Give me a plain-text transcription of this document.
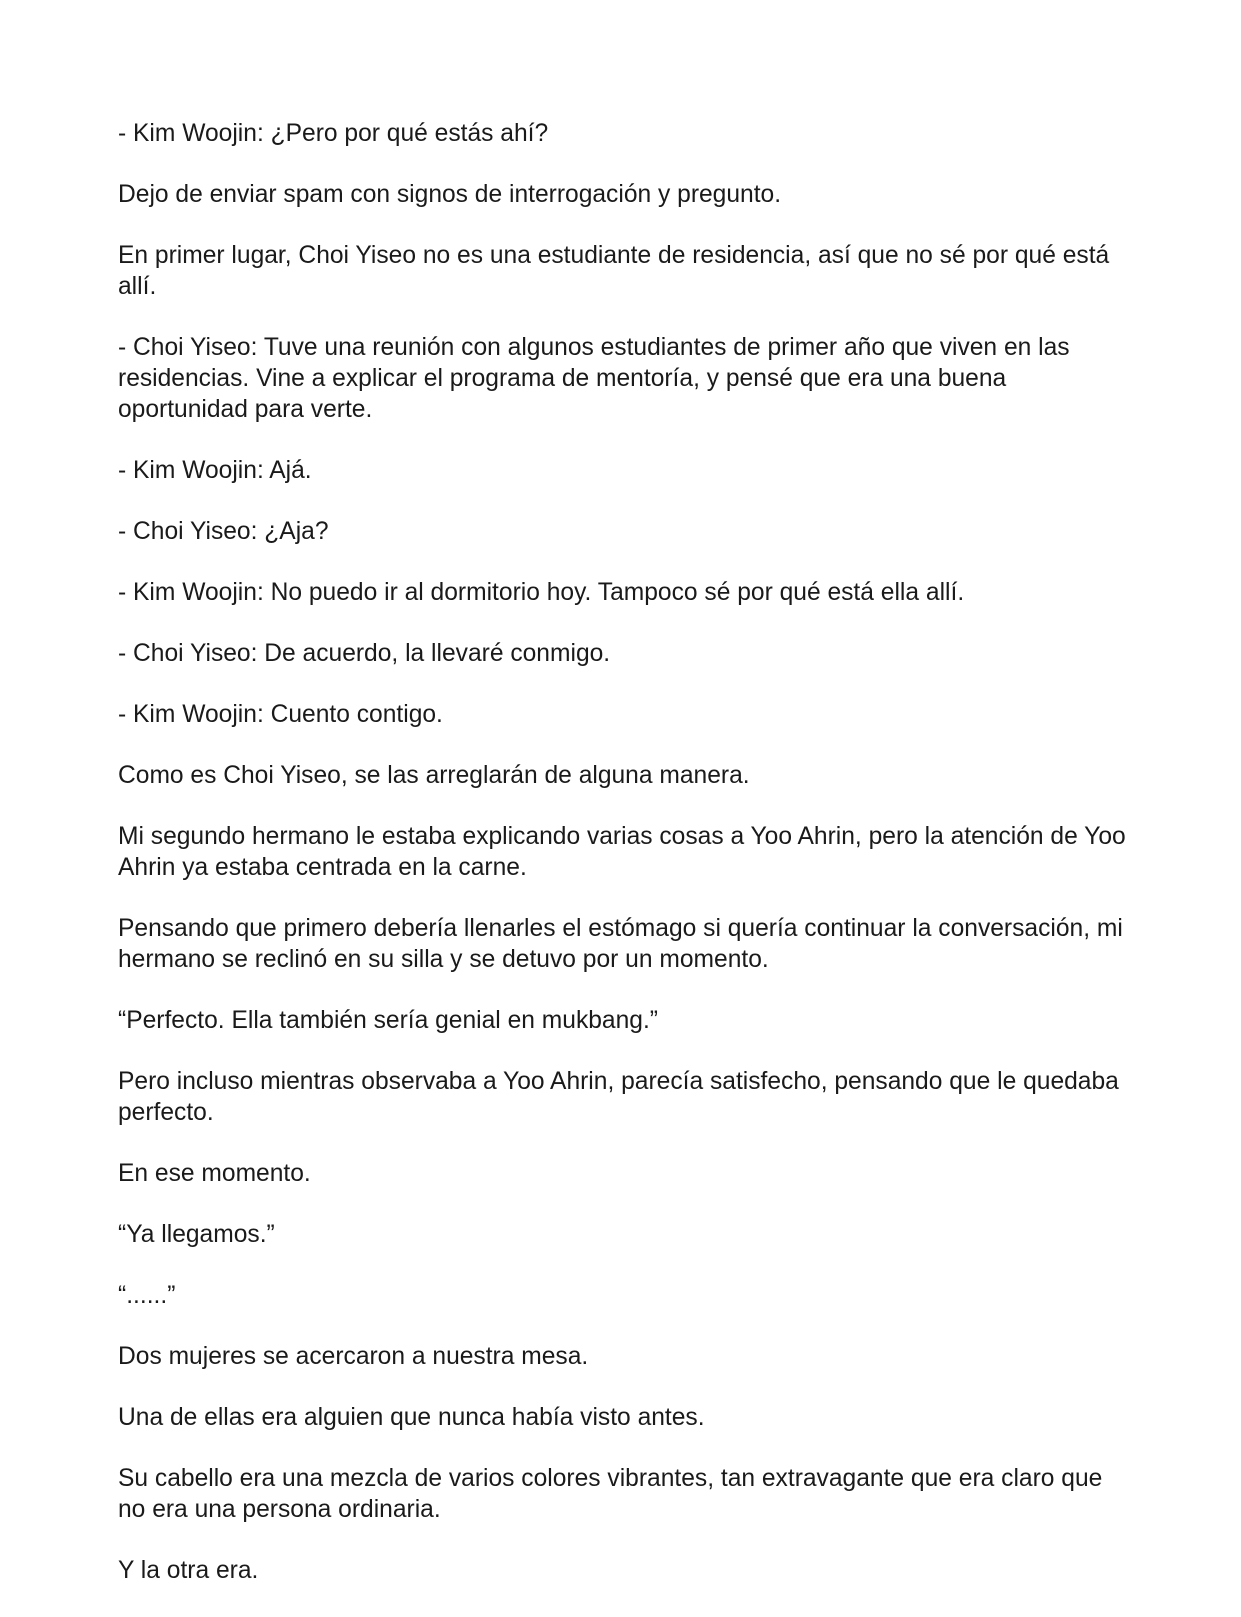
- Kim Woojin: ¿Pero por qué estás ahí?

Dejo de enviar spam con signos de interrogación y pregunto.

En primer lugar, Choi Yiseo no es una estudiante de residencia, así que no sé por qué está allí.

- Choi Yiseo: Tuve una reunión con algunos estudiantes de primer año que viven en las residencias. Vine a explicar el programa de mentoría, y pensé que era una buena oportunidad para verte.

- Kim Woojin: Ajá.

- Choi Yiseo: ¿Aja?

- Kim Woojin: No puedo ir al dormitorio hoy. Tampoco sé por qué está ella allí.

- Choi Yiseo: De acuerdo, la llevaré conmigo.

- Kim Woojin: Cuento contigo.

Como es Choi Yiseo, se las arreglarán de alguna manera.

Mi segundo hermano le estaba explicando varias cosas a Yoo Ahrin, pero la atención de Yoo Ahrin ya estaba centrada en la carne.

Pensando que primero debería llenarles el estómago si quería continuar la conversación, mi hermano se reclinó en su silla y se detuvo por un momento.

“Perfecto. Ella también sería genial en mukbang.”

Pero incluso mientras observaba a Yoo Ahrin, parecía satisfecho, pensando que le quedaba perfecto.

En ese momento.

“Ya llegamos.”

“......”

Dos mujeres se acercaron a nuestra mesa.

Una de ellas era alguien que nunca había visto antes.

Su cabello era una mezcla de varios colores vibrantes, tan extravagante que era claro que no era una persona ordinaria.

Y la otra era.
